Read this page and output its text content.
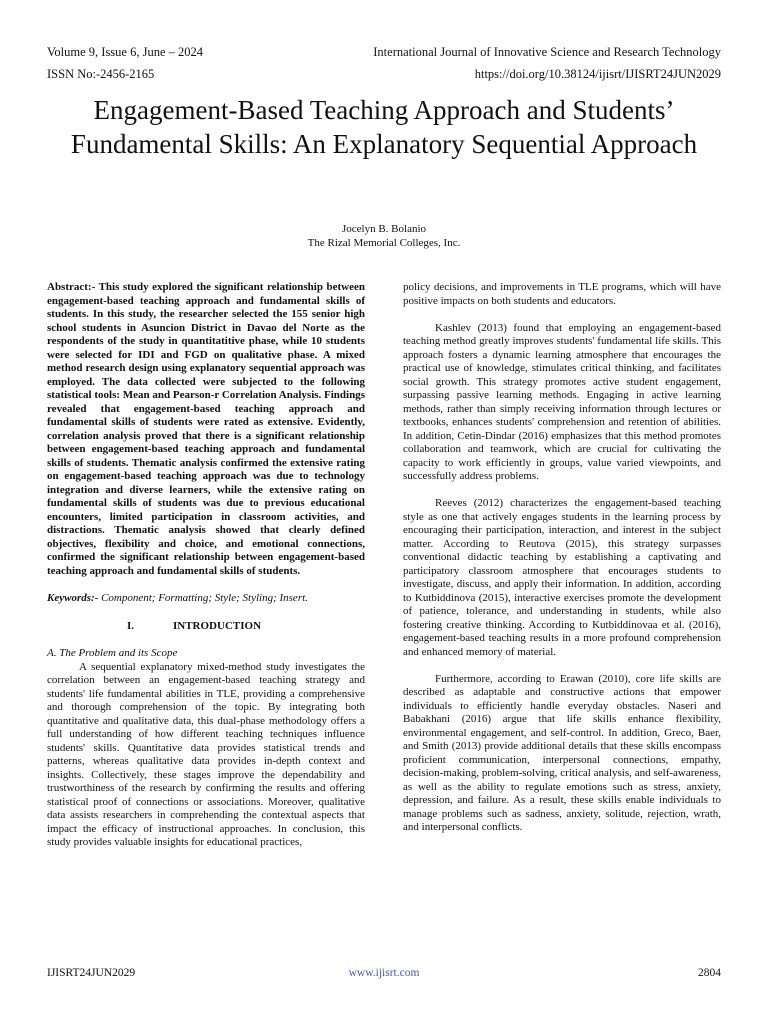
Volume 9, Issue 6, June – 2024	International Journal of Innovative Science and Research Technology
ISSN No:-2456-2165	https://doi.org/10.38124/ijisrt/IJISRT24JUN2029
Engagement-Based Teaching Approach and Students’ Fundamental Skills: An Explanatory Sequential Approach
Jocelyn B. Bolanio
The Rizal Memorial Colleges, Inc.

Abstract:- This study explored the significant relationship between engagement-based teaching approach and fundamental skills of students. In this study, the researcher selected the 155 senior high school students in Asuncion District in Davao del Norte as the respondents of the study in quantitatitive phase, while 10 students were selected for IDI and FGD on qualitative phase. A mixed method research design using explanatory sequential approach was employed. The data collected were subjected to the following statistical tools: Mean and Pearson-r Correlation Analysis. Findings revealed that engagement-based teaching approach and fundamental skills of students were rated as extensive. Evidently, correlation analysis proved that there is a significant relationship between engagement-based teaching approach and fundamental skills of students. Thematic analysis confirmed the extensive rating on engagement-based teaching approach was due to technology integration and diverse learners, while the extensive rating on fundamental skills of students was due to previous educational encounters, limited participation in classroom activities, and distractions. Thematic analysis showed that clearly defined objectives, flexibility and choice, and emotional connections, confirmed the significant relationship between engagement-based teaching approach and fundamental skills of students.

Keywords:- Component; Formatting; Style; Styling; Insert.

I.	INTRODUCTION

A. The Problem and its Scope

A sequential explanatory mixed-method study investigates the correlation between an engagement-based teaching strategy and students' life fundamental abilities in TLE, providing a comprehensive and thorough comprehension of the topic. By integrating both quantitative and qualitative data, this dual-phase methodology offers a full understanding of how different teaching techniques influence students' skills. Quantitative data provides statistical trends and patterns, whereas qualitative data provides in-depth context and insights. Collectively, these stages improve the dependability and trustworthiness of the research by confirming the results and offering statistical proof of connections or associations. Moreover, qualitative data assists researchers in comprehending the contextual aspects that impact the efficacy of instructional approaches. In conclusion, this study provides valuable insights for educational practices,

policy decisions, and improvements in TLE programs, which will have positive impacts on both students and educators.

Kashlev (2013) found that employing an engagement-based teaching method greatly improves students' fundamental life skills. This approach fosters a dynamic learning atmosphere that encourages the practical use of knowledge, stimulates critical thinking, and facilitates social growth. This strategy promotes active student engagement, surpassing passive learning methods. Engaging in active learning methods, rather than simply receiving information through lectures or textbooks, enhances students' comprehension and retention of abilities. In addition, Cetin-Dindar (2016) emphasizes that this method promotes collaboration and teamwork, which are crucial for cultivating the capacity to work efficiently in groups, value varied viewpoints, and successfully address problems.

Reeves (2012) characterizes the engagement-based teaching style as one that actively engages students in the learning process by encouraging their participation, interaction, and interest in the subject matter. According to Reutova (2015), this strategy surpasses conventional didactic teaching by establishing a captivating and participatory classroom atmosphere that encourages students to investigate, discuss, and apply their information. In addition, according to Kutbiddinova (2015), interactive exercises promote the development of patience, tolerance, and understanding in students, while also fostering creative thinking. According to Kutbiddinovaa et al. (2016), engagement-based teaching results in a more profound comprehension and enhanced memory of material.

Furthermore, according to Erawan (2010), core life skills are described as adaptable and constructive actions that empower individuals to efficiently handle everyday obstacles. Naseri and Babakhani (2016) argue that life skills enhance flexibility, environmental engagement, and self-control. In addition, Greco, Baer, and Smith (2013) provide additional details that these skills encompass proficient communication, interpersonal connections, empathy, decision-making, problem-solving, critical analysis, and self-awareness, as well as the ability to regulate emotions such as stress, anxiety, depression, and failure. As a result, these skills enable individuals to manage problems such as sadness, anxiety, solitude, rejection, wrath, and interpersonal conflicts.

IJISRT24JUN2029	www.ijisrt.com	2804
